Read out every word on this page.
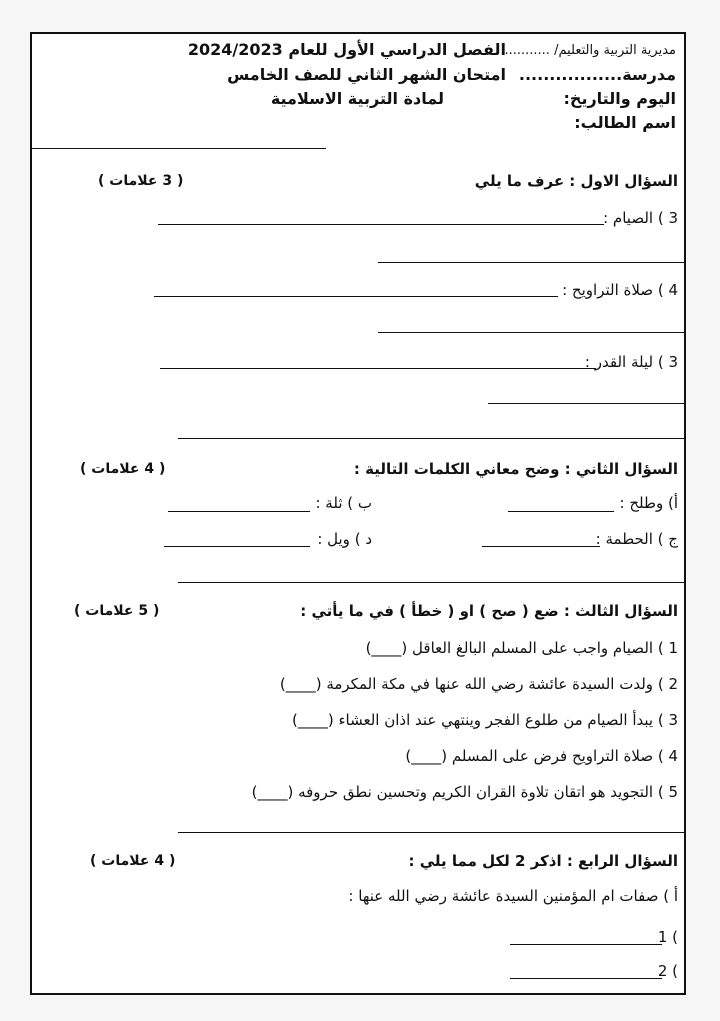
مديرية التربية والتعليم/ ...........
مدرسة.................
اليوم والتاريخ:
اسم الطالب:
الفصل الدراسي الأول للعام 2024/2023
امتحان الشهر الثاني للصف الخامس
لمادة التربية الاسلامية
السؤال الاول : عرف ما يلي
( 3 علامات )
3 ) الصيام :
4 ) صلاة التراويح :
3 ) ليلة القدر :
السؤال الثاني : وضح معاني الكلمات التالية :
( 4 علامات )
أ) وطلح :
ب ) ثلة :
ج ) الحطمة :
د ) ويل :
السؤال الثالث : ضع ( صح ) او ( خطأ ) في ما يأتي :
( 5 علامات )
1 ) الصيام واجب على المسلم البالغ العاقل (____)
2 ) ولدت السيدة عائشة رضي الله عنها في مكة المكرمة (____)
3 ) يبدأ الصيام من طلوع الفجر وينتهي عند اذان العشاء (____)
4 ) صلاة التراويح فرض على المسلم (____)
5 ) التجويد هو اتقان تلاوة القران الكريم وتحسين نطق حروفه (____)
السؤال الرابع : اذكر 2 لكل مما يلي :
( 4 علامات )
أ ) صفات ام المؤمنين السيدة عائشة رضي الله عنها :
1 (
2 (
